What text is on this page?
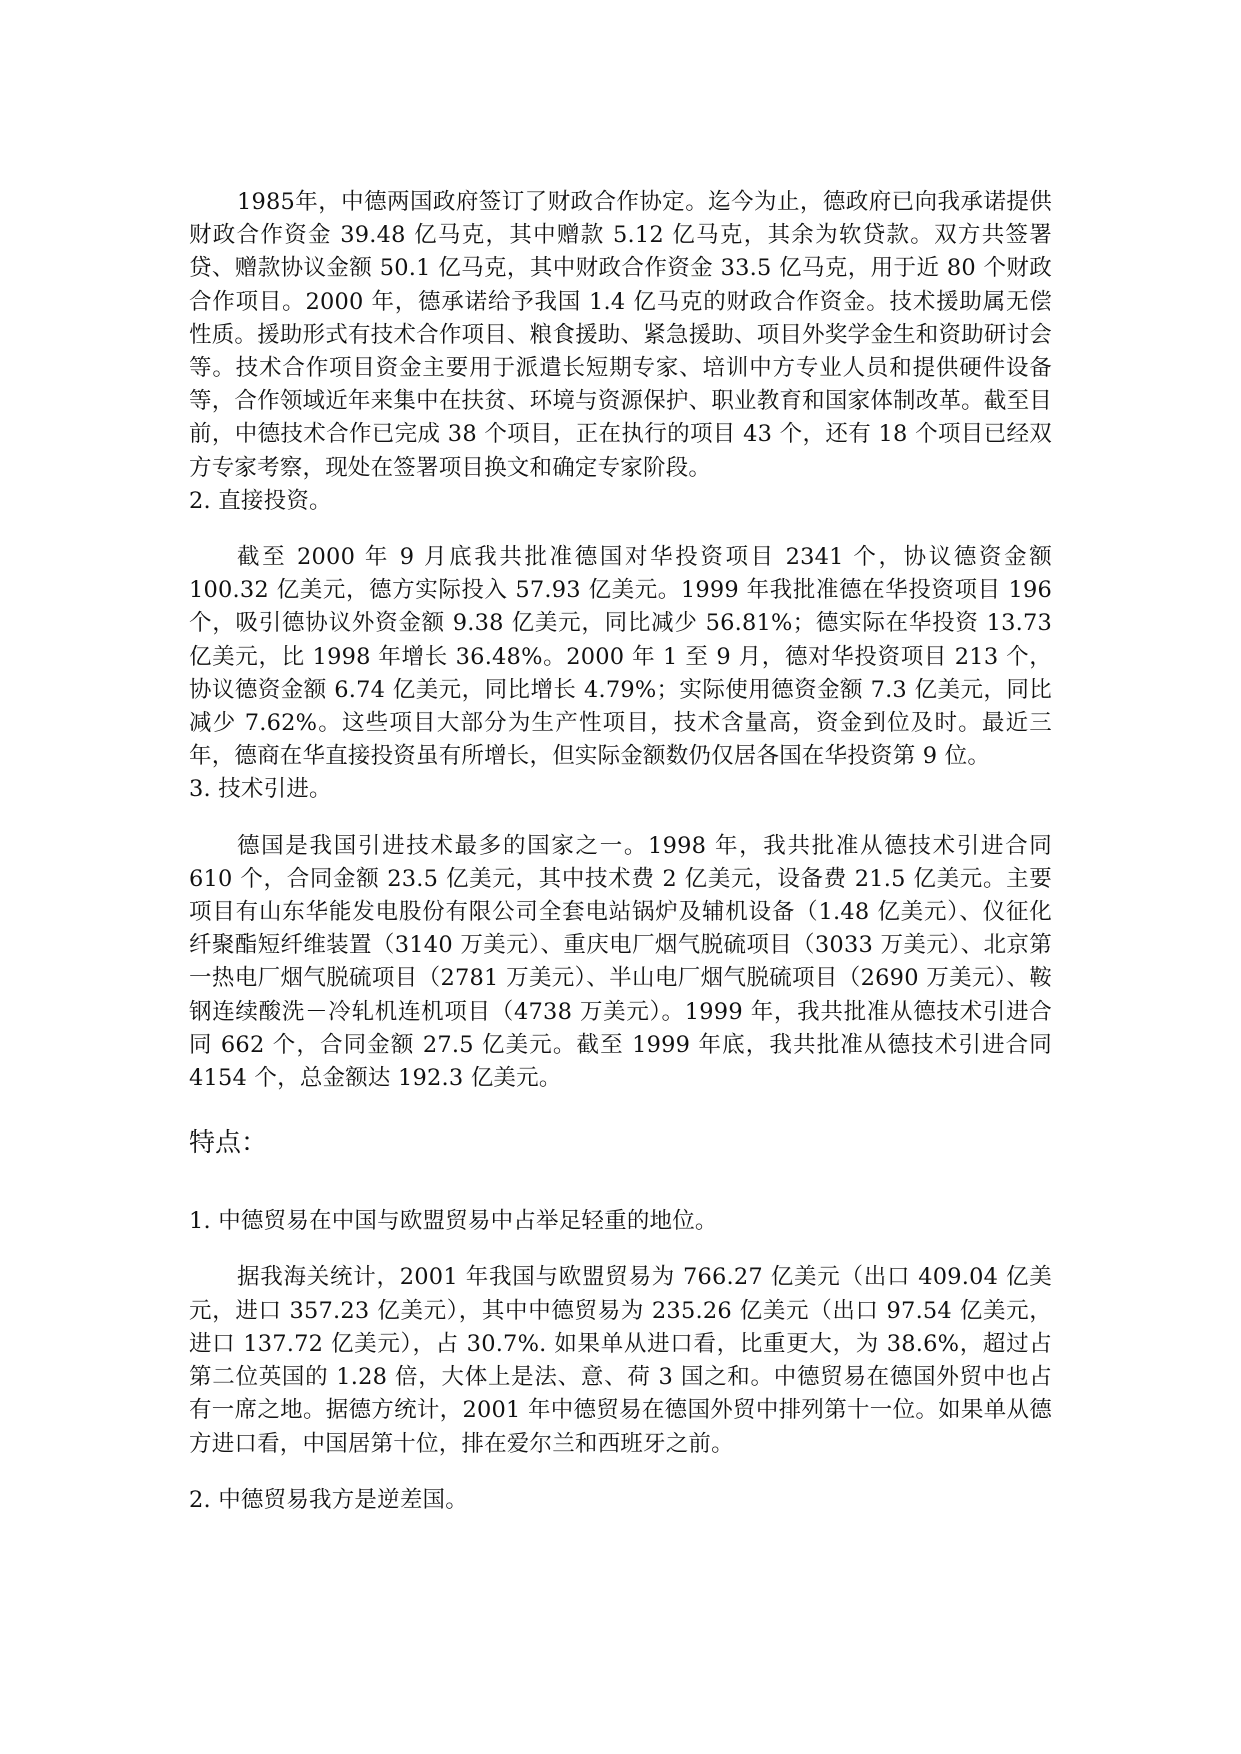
1985年，中德两国政府签订了财政合作协定。迄今为止，德政府已向我承诺提供财政合作资金 39.48 亿马克，其中赠款 5.12 亿马克，其余为软贷款。双方共签署贷、赠款协议金额 50.1 亿马克，其中财政合作资金 33.5 亿马克，用于近 80 个财政合作项目。2000 年，德承诺给予我国 1.4 亿马克的财政合作资金。技术援助属无偿性质。援助形式有技术合作项目、粮食援助、紧急援助、项目外奖学金生和资助研讨会等。技术合作项目资金主要用于派遣长短期专家、培训中方专业人员和提供硬件设备等，合作领域近年来集中在扶贫、环境与资源保护、职业教育和国家体制改革。截至目前，中德技术合作已完成 38 个项目，正在执行的项目 43 个，还有 18 个项目已经双方专家考察，现处在签署项目换文和确定专家阶段。

2. 直接投资。

截至 2000 年 9 月底我共批准德国对华投资项目 2341 个，协议德资金额 100.32 亿美元，德方实际投入 57.93 亿美元。1999 年我批准德在华投资项目 196 个，吸引德协议外资金额 9.38 亿美元，同比减少 56.81%；德实际在华投资 13.73 亿美元，比 1998 年增长 36.48%。2000 年 1 至 9 月，德对华投资项目 213 个，协议德资金额 6.74 亿美元，同比增长 4.79%；实际使用德资金额 7.3 亿美元，同比减少 7.62%。这些项目大部分为生产性项目，技术含量高，资金到位及时。最近三年，德商在华直接投资虽有所增长，但实际金额数仍仅居各国在华投资第 9 位。

3. 技术引进。

德国是我国引进技术最多的国家之一。1998 年，我共批准从德技术引进合同 610 个，合同金额 23.5 亿美元，其中技术费 2 亿美元，设备费 21.5 亿美元。主要项目有山东华能发电股份有限公司全套电站锅炉及辅机设备（1.48 亿美元）、仪征化纤聚酯短纤维装置（3140 万美元）、重庆电厂烟气脱硫项目（3033 万美元）、北京第一热电厂烟气脱硫项目（2781 万美元）、半山电厂烟气脱硫项目（2690 万美元）、鞍钢连续酸洗－冷轧机连机项目（4738 万美元）。1999 年，我共批准从德技术引进合同 662 个，合同金额 27.5 亿美元。截至 1999 年底，我共批准从德技术引进合同 4154 个，总金额达 192.3 亿美元。

特点：

1. 中德贸易在中国与欧盟贸易中占举足轻重的地位。

据我海关统计，2001 年我国与欧盟贸易为 766.27 亿美元（出口 409.04 亿美元，进口 357.23 亿美元），其中中德贸易为 235.26 亿美元（出口 97.54 亿美元，进口 137.72 亿美元），占 30.7%. 如果单从进口看，比重更大，为 38.6%，超过占第二位英国的 1.28 倍，大体上是法、意、荷 3 国之和。中德贸易在德国外贸中也占有一席之地。据德方统计，2001 年中德贸易在德国外贸中排列第十一位。如果单从德方进口看，中国居第十位，排在爱尔兰和西班牙之前。

2. 中德贸易我方是逆差国。
